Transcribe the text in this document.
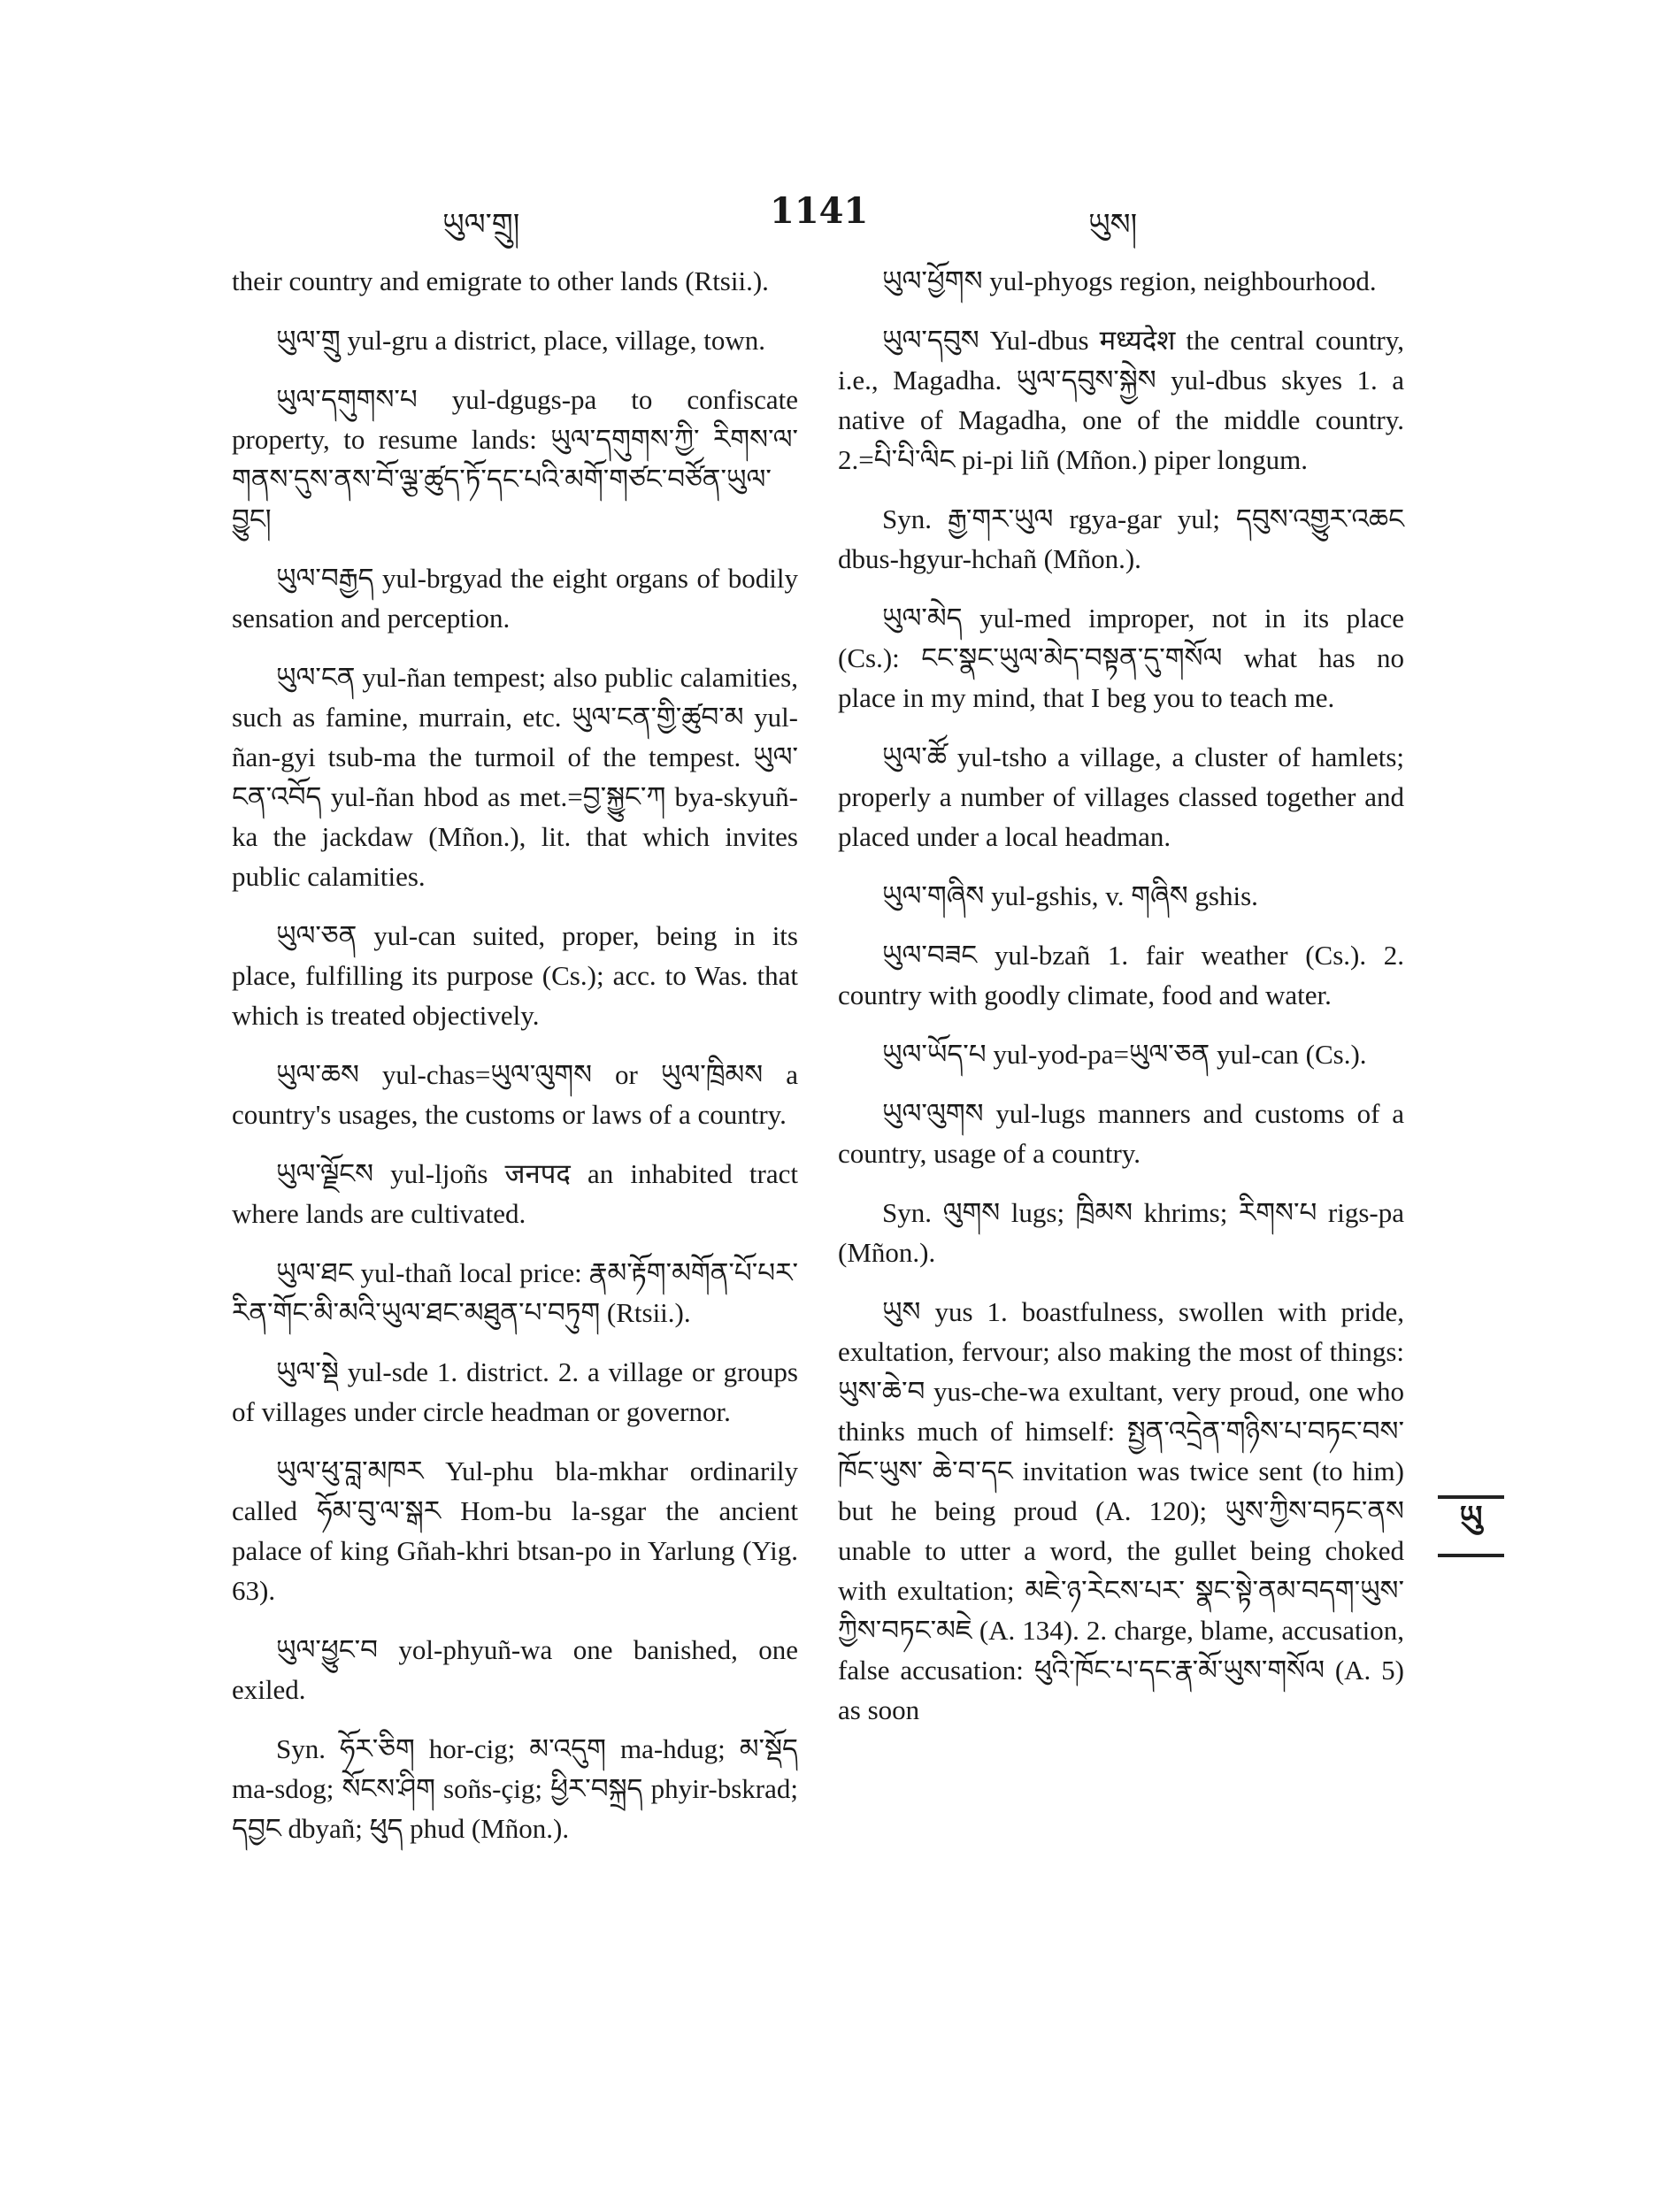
ཡུལ་གྲུ།	1141	ཡུས།

their country and emigrate to other lands (Rtsii.).

ཡུལ་གྲུ yul-gru a district, place, village, town.

ཡུལ་དགུགས་པ yul-dgugs-pa to confiscate property, to resume lands: ཡུལ་དགུགས་ཀྱི་ རིགས་ལ་གནས་དུས་ནས་བོ་ལྕ་ཚུད་ཏོ་དང་པའི་མགོ་གཙང་བཙོན་ཡུལ་ བྱུང།

ཡུལ་བརྒྱད yul-brgyad the eight organs of bodily sensation and perception.

ཡུལ་ངན yul-ñan tempest; also public calamities, such as famine, murrain, etc. ཡུལ་ངན་གྱི་ཚུབ་མ yul-ñan-gyi tsub-ma the turmoil of the tempest. ཡུལ་ངན་འབོད yul-ñan hbod as met.=བྱ་སྐྱུང་ཀ bya-skyuñ-ka the jackdaw (Mñon.), lit. that which invites public calamities.

ཡུལ་ཅན yul-can suited, proper, being in its place, fulfilling its purpose (Cs.); acc. to Was. that which is treated objectively.

ཡུལ་ཆས yul-chas=ཡུལ་ལུགས or ཡུལ་ཁྲིམས a country's usages, the customs or laws of a country.

ཡུལ་ལྗོངས yul-ljoñs जनपद an inhabited tract where lands are cultivated.

ཡུལ་ཐང yul-thañ local price: རྣམ་རྟོག་མགོན་པོ་པར་ རིན་གོང་མི་མའི་ཡུལ་ཐང་མཐུན་པ་བཏུག (Rtsii.).

ཡུལ་སྡེ yul-sde 1. district. 2. a village or groups of villages under circle headman or governor.

ཡུལ་ཕུ་བླ་མཁར Yul-phu bla-mkhar ordinarily called ཧོམ་བུ་ལ་སྒར Hom-bu la-sgar the ancient palace of king Gñah-khri btsan-po in Yarlung (Yig. 63).

ཡུལ་ཕྱུང་བ yol-phyuñ-wa one banished, one exiled.

Syn. ཧོར་ཅིག hor-cig; མ་འདུག ma-hdug; མ་སྡོད ma-sdog; སོངས་ཤིག soñs-çig; ཕྱིར་བསྐྲད phyir-bskrad; དབྱང dbyañ; ཕུད phud (Mñon.).

ཡུལ་ཕྱོགས yul-phyogs region, neighbourhood.

ཡུལ་དབུས Yul-dbus मध्यदेश the central country, i.e., Magadha. ཡུལ་དབུས་སྐྱེས yul-dbus skyes 1. a native of Magadha, one of the middle country. 2.=པི་པི་ལིང pi-pi liñ (Mñon.) piper longum.

Syn. རྒྱ་གར་ཡུལ rgya-gar yul; དབུས་འགྱུར་འཆང dbus-hgyur-hchañ (Mñon.).

ཡུལ་མེད yul-med improper, not in its place (Cs.): ངང་སྣང་ཡུལ་མེད་བསྟན་དུ་གསོལ what has no place in my mind, that I beg you to teach me.

ཡུལ་ཚོ yul-tsho a village, a cluster of hamlets; properly a number of villages classed together and placed under a local headman.

ཡུལ་གཞིས yul-gshis, v. གཞིས gshis.

ཡུལ་བཟང yul-bzañ 1. fair weather (Cs.). 2. country with goodly climate, food and water.

ཡུལ་ཡོད་པ yul-yod-pa=ཡུལ་ཅན yul-can (Cs.).

ཡུལ་ལུགས yul-lugs manners and customs of a country, usage of a country.

Syn. ལུགས lugs; ཁྲིམས khrims; རིགས་པ rigs-pa (Mñon.).

ཡུས yus 1. boastfulness, swollen with pride, exultation, fervour; also making the most of things: ཡུས་ཆེ་བ yus-che-wa exultant, very proud, one who thinks much of himself: སྤྱན་འདྲེན་གཉིས་པ་བཏང་བས་ཁོང་ཡུས་ ཆེ་བ་དང invitation was twice sent (to him) but he being proud (A. 120); ཡུས་ཀྱིས་བཏང་ནས unable to utter a word, the gullet being choked with exultation; མཇེ་ཉ་རེངས་པར་ སྣང་སྟེ་ནམ་བདག་ཡུས་ཀྱིས་བཏང་མཇེ (A. 134). 2. charge, blame, accusation, false accusation: ཕུའི་ཁོང་པ་དང་རྣ་མོ་ཡུས་གསོལ (A. 5) as soon

ཡུ
